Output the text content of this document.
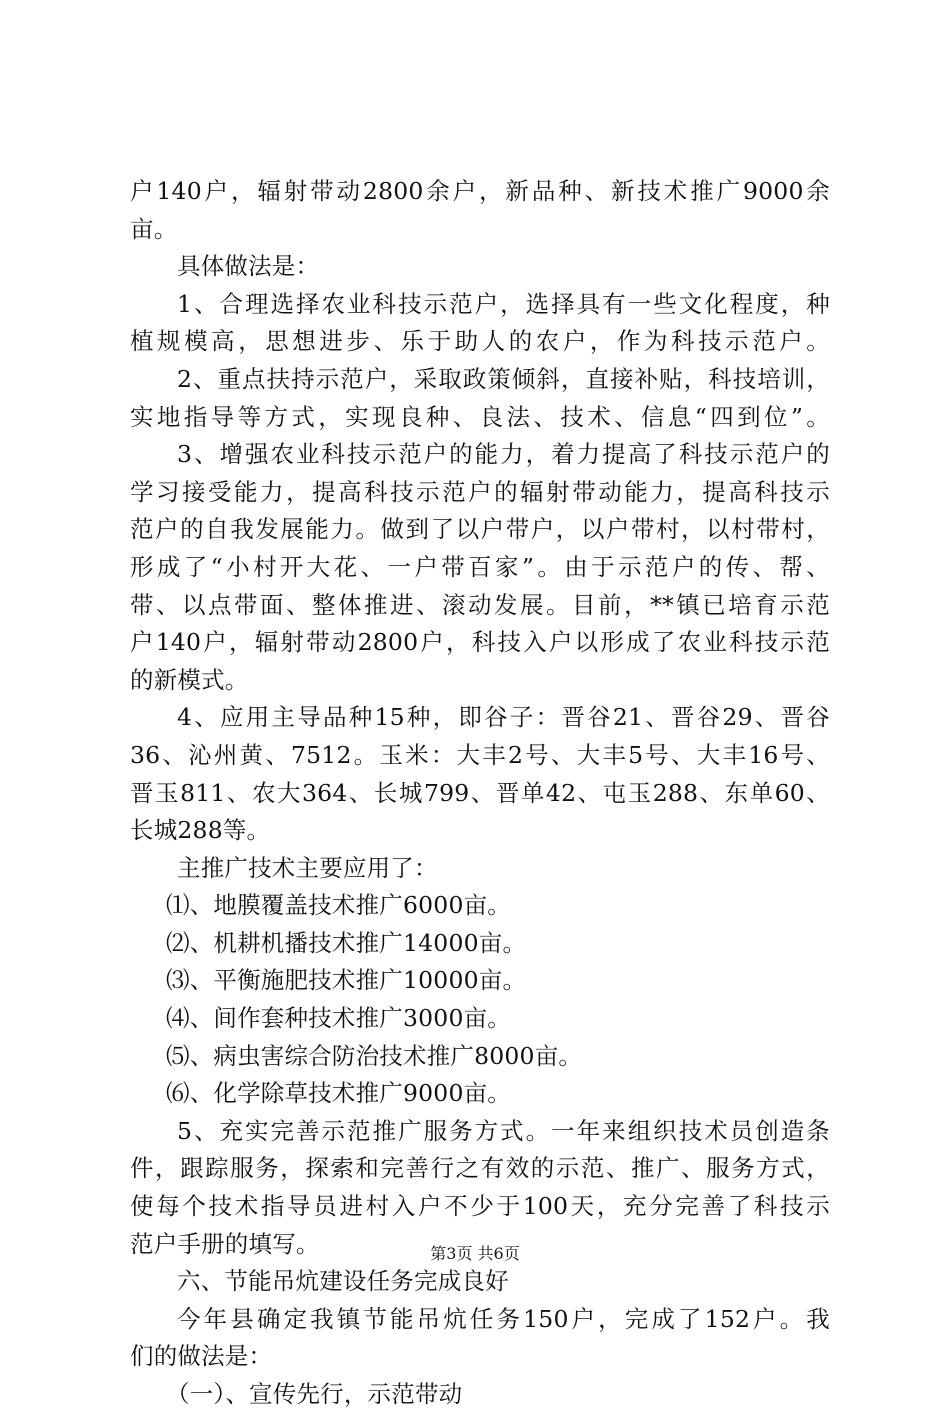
户140户，辐射带动2800余户，新品种、新技术推广9000余
亩。
具体做法是：
1、合理选择农业科技示范户，选择具有一些文化程度，种
植规模高，思想进步、乐于助人的农户，作为科技示范户。
2、重点扶持示范户，采取政策倾斜，直接补贴，科技培训，
实地指导等方式，实现良种、良法、技术、信息“四到位”。
3、增强农业科技示范户的能力，着力提高了科技示范户的
学习接受能力，提高科技示范户的辐射带动能力，提高科技示
范户的自我发展能力。做到了以户带户，以户带村，以村带村，
形成了“小村开大花、一户带百家”。由于示范户的传、帮、
带、以点带面、整体推进、滚动发展。目前，**镇已培育示范
户140户，辐射带动2800户，科技入户以形成了农业科技示范
的新模式。
4、应用主导品种15种，即谷子：晋谷21、晋谷29、晋谷
36、沁州黄、7512。玉米：大丰2号、大丰5号、大丰16号、
晋玉811、农大364、长城799、晋单42、屯玉288、东单60、
长城288等。
主推广技术主要应用了：
⑴、地膜覆盖技术推广6000亩。
⑵、机耕机播技术推广14000亩。
⑶、平衡施肥技术推广10000亩。
⑷、间作套种技术推广3000亩。
⑸、病虫害综合防治技术推广8000亩。
⑹、化学除草技术推广9000亩。
5、充实完善示范推广服务方式。一年来组织技术员创造条
件，跟踪服务，探索和完善行之有效的示范、推广、服务方式，
使每个技术指导员进村入户不少于100天，充分完善了科技示
范户手册的填写。
六、节能吊炕建设任务完成良好
今年县确定我镇节能吊炕任务150户，完成了152户。我
们的做法是：
（一）、宣传先行，示范带动
第3页 共6页
